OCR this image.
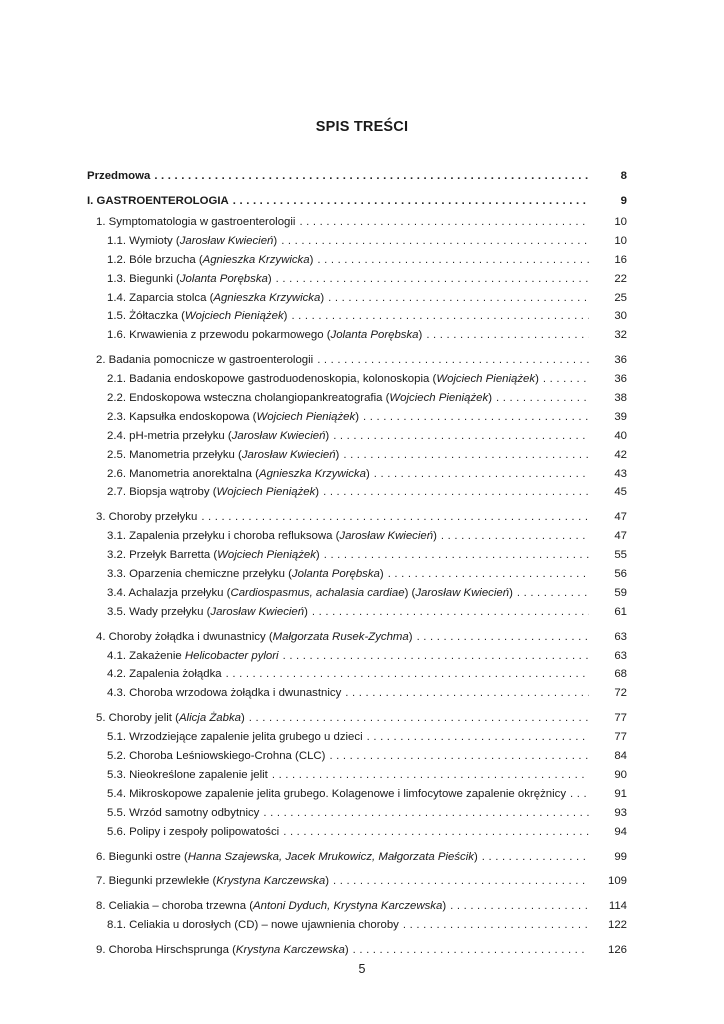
SPIS TREŚCI
Przedmowa . . .	8
I. GASTROENTEROLOGIA . . .	9
1. Symptomatologia w gastroenterologii . . .	10
1.1. Wymioty (Jarosław Kwiecień) . . .	10
1.2. Bóle brzucha (Agnieszka Krzywicka) . . .	16
1.3. Biegunki (Jolanta Porębska) . . .	22
1.4. Zaparcia stolca (Agnieszka Krzywicka) . . .	25
1.5. Żółtaczka (Wojciech Pieniążek) . . .	30
1.6. Krwawienia z przewodu pokarmowego (Jolanta Porębska) . . .	32
2. Badania pomocnicze w gastroenterologii . . .	36
2.1. Badania endoskopowe gastroduodenoskopia, kolonoskopia (Wojciech Pieniążek) . . .	36
2.2. Endoskopowa wsteczna cholangiopankreatografia (Wojciech Pieniążek) . . .	38
2.3. Kapsułka endoskopowa (Wojciech Pieniążek) . . .	39
2.4. pH-metria przełyku (Jarosław Kwiecień) . . .	40
2.5. Manometria przełyku (Jarosław Kwiecień) . . .	42
2.6. Manometria anorektalna (Agnieszka Krzywicka) . . .	43
2.7. Biopsja wątroby (Wojciech Pieniążek) . . .	45
3. Choroby przełyku . . .	47
3.1. Zapalenia przełyku i choroba refluksowa (Jarosław Kwiecień) . . .	47
3.2. Przełyk Barretta (Wojciech Pieniążek) . . .	55
3.3. Oparzenia chemiczne przełyku (Jolanta Porębska) . . .	56
3.4. Achalazja przełyku (Cardiospasmus, achalasia cardiae) (Jarosław Kwiecień) . . .	59
3.5. Wady przełyku (Jarosław Kwiecień) . . .	61
4. Choroby żołądka i dwunastnicy (Małgorzata Rusek-Zychma) . . .	63
4.1. Zakażenie Helicobacter pylori . . .	63
4.2. Zapalenia żołądka . . .	68
4.3. Choroba wrzodowa żołądka i dwunastnicy . . .	72
5. Choroby jelit (Alicja Żabka) . . .	77
5.1. Wrzodziejące zapalenie jelita grubego u dzieci . . .	77
5.2. Choroba Leśniowskiego-Crohna (CLC) . . .	84
5.3. Nieokreślone zapalenie jelit . . .	90
5.4. Mikroskopowe zapalenie jelita grubego. Kolagenowe i limfocytowe zapalenie okrężnicy . . .	91
5.5. Wrzód samotny odbytnicy . . .	93
5.6. Polipy i zespoły polipowatości . . .	94
6. Biegunki ostre (Hanna Szajewska, Jacek Mrukowicz, Małgorzata Pieścik) . . .	99
7. Biegunki przewlekłe (Krystyna Karczewska) . . .	109
8. Celiakia – choroba trzewna (Antoni Dyduch, Krystyna Karczewska) . . .	114
8.1. Celiakia u dorosłych (CD) – nowe ujawnienia choroby . . .	122
9. Choroba Hirschsprunga (Krystyna Karczewska) . . .	126
5
